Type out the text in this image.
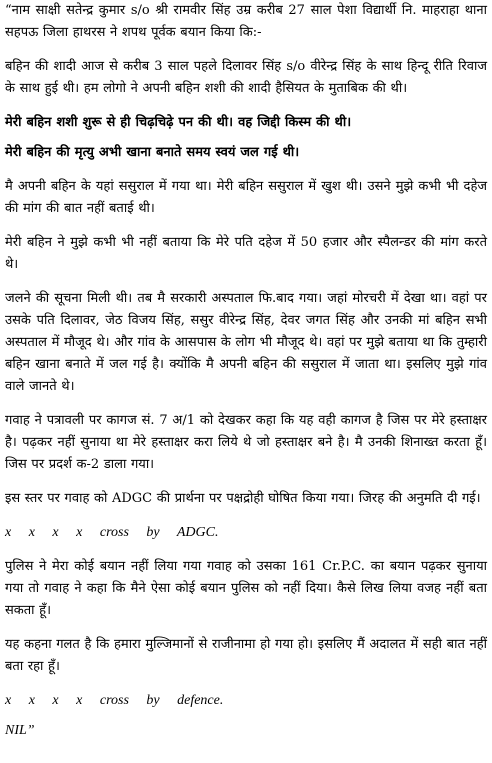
“नाम साक्षी सतेन्द्र कुमार s/o श्री रामवीर सिंह उम्र करीब 27 साल पेशा विद्यार्थी नि. माहराहा थाना सहपऊ जिला हाथरस ने शपथ पूर्वक बयान किया कि:-

बहिन की शादी आज से करीब 3 साल पहले दिलावर सिंह s/o वीरेन्द्र सिंह के साथ हिन्दू रीति रिवाज के साथ हुई थी। हम लोगो ने अपनी बहिन शशी की शादी हैसियत के मुताबिक की थी।

मेरी बहिन शशी शुरू से ही चिढ़चिढ़े पन की थी। वह जिद्दी किस्म की थी।

मेरी बहिन की मृत्यु अभी खाना बनाते समय स्वयं जल गई थी।

मै अपनी बहिन के यहां ससुराल में गया था। मेरी बहिन ससुराल में खुश थी। उसने मुझे कभी भी दहेज की मांग की बात नहीं बताई थी।

मेरी बहिन ने मुझे कभी भी नहीं बताया कि मेरे पति दहेज में 50 हजार और स्पैलन्डर की मांग करते थे।

जलने की सूचना मिली थी। तब मै सरकारी अस्पताल फि.बाद गया। जहां मोरचरी में देखा था। वहां पर उसके पति दिलावर, जेठ विजय सिंह, ससुर वीरेन्द्र सिंह, देवर जगत सिंह और उनकी मां बहिन सभी अस्पताल में मौजूद थे। और गांव के आसपास के लोग भी मौजूद थे। वहां पर मुझे बताया था कि तुम्हारी बहिन खाना बनाते में जल गई है। क्योंकि मै अपनी बहिन की ससुराल में जाता था। इसलिए मुझे गांव वाले जानते थे।

गवाह ने पत्रावली पर कागज सं. 7 अ/1 को देखकर कहा कि यह वही कागज है जिस पर मेरे हस्ताक्षर है। पढ़कर नहीं सुनाया था मेरे हस्ताक्षर करा लिये थे जो हस्ताक्षर बने है। मै उनकी शिनाख्त करता हूँ। जिस पर प्रदर्श क-2 डाला गया।

इस स्तर पर गवाह को ADGC की प्रार्थना पर पक्षद्रोही घोषित किया गया। जिरह की अनुमति दी गई।

x x x x cross by ADGC.

पुलिस ने मेरा कोई बयान नहीं लिया गया गवाह को उसका 161 Cr.P.C. का बयान पढ़कर सुनाया गया तो गवाह ने कहा कि मैने ऐसा कोई बयान पुलिस को नहीं दिया। कैसे लिख लिया वजह नहीं बता सकता हूँ।

यह कहना गलत है कि हमारा मुल्जिमानों से राजीनामा हो गया हो। इसलिए मैं अदालत में सही बात नहीं बता रहा हूँ।

x x x x cross by defence.

NIL”
